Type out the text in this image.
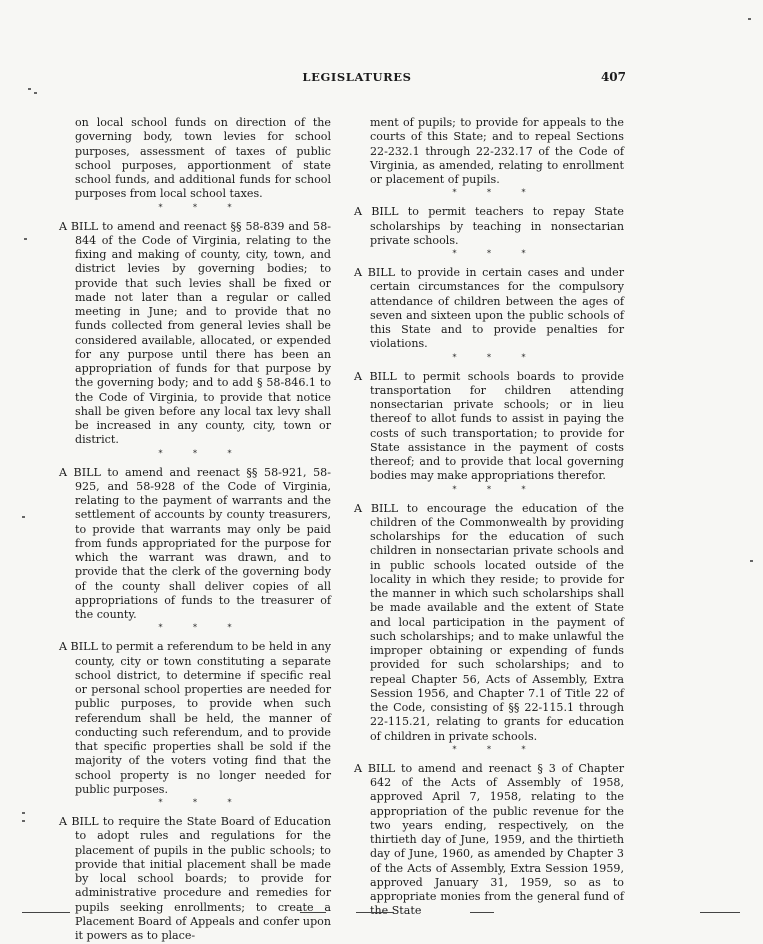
LEGISLATURES	407

on local school funds on direction of the governing body, town levies for school purposes, assessment of taxes of public school purposes, apportionment of state school funds, and additional funds for school purposes from local school taxes.

* * *

A BILL to amend and reenact §§ 58-839 and 58-844 of the Code of Virginia, relating to the fixing and making of county, city, town, and district levies by governing bodies; to provide that such levies shall be fixed or made not later than a regular or called meeting in June; and to provide that no funds collected from general levies shall be considered available, allocated, or expended for any purpose until there has been an appropriation of funds for that purpose by the governing body; and to add § 58-846.1 to the Code of Virginia, to provide that notice shall be given before any local tax levy shall be increased in any county, city, town or district.

* * *

A BILL to amend and reenact §§ 58-921, 58-925, and 58-928 of the Code of Virginia, relating to the payment of warrants and the settlement of accounts by county treasurers, to provide that warrants may only be paid from funds appropriated for the purpose for which the warrant was drawn, and to provide that the clerk of the governing body of the county shall deliver copies of all appropriations of funds to the treasurer of the county.

* * *

A BILL to permit a referendum to be held in any county, city or town constituting a separate school district, to determine if specific real or personal school properties are needed for public purposes, to provide when such referendum shall be held, the manner of conducting such referendum, and to provide that specific properties shall be sold if the majority of the voters voting find that the school property is no longer needed for public purposes.

* * *

A BILL to require the State Board of Education to adopt rules and regulations for the placement of pupils in the public schools; to provide that initial placement shall be made by local school boards; to provide for administrative procedure and remedies for pupils seeking enrollments; to create a Placement Board of Appeals and confer upon it powers as to place-

ment of pupils; to provide for appeals to the courts of this State; and to repeal Sections 22-232.1 through 22-232.17 of the Code of Virginia, as amended, relating to enrollment or placement of pupils.

* * *

A BILL to permit teachers to repay State scholarships by teaching in nonsectarian private schools.

* * *

A BILL to provide in certain cases and under certain circumstances for the compulsory attendance of children between the ages of seven and sixteen upon the public schools of this State and to provide penalties for violations.

* * *

A BILL to permit schools boards to provide transportation for children attending nonsectarian private schools; or in lieu thereof to allot funds to assist in paying the costs of such transportation; to provide for State assistance in the payment of costs thereof; and to provide that local governing bodies may make appropriations therefor.

* * *

A BILL to encourage the education of the children of the Commonwealth by providing scholarships for the education of such children in nonsectarian private schools and in public schools located outside of the locality in which they reside; to provide for the manner in which such scholarships shall be made available and the extent of State and local participation in the payment of such scholarships; and to make unlawful the improper obtaining or expending of funds provided for such scholarships; and to repeal Chapter 56, Acts of Assembly, Extra Session 1956, and Chapter 7.1 of Title 22 of the Code, consisting of §§ 22-115.1 through 22-115.21, relating to grants for education of children in private schools.

* * *

A BILL to amend and reenact § 3 of Chapter 642 of the Acts of Assembly of 1958, approved April 7, 1958, relating to the appropriation of the public revenue for the two years ending, respectively, on the thirtieth day of June, 1959, and the thirtieth day of June, 1960, as amended by Chapter 3 of the Acts of Assembly, Extra Session 1959, approved January 31, 1959, so as to appropriate monies from the general fund of the State
